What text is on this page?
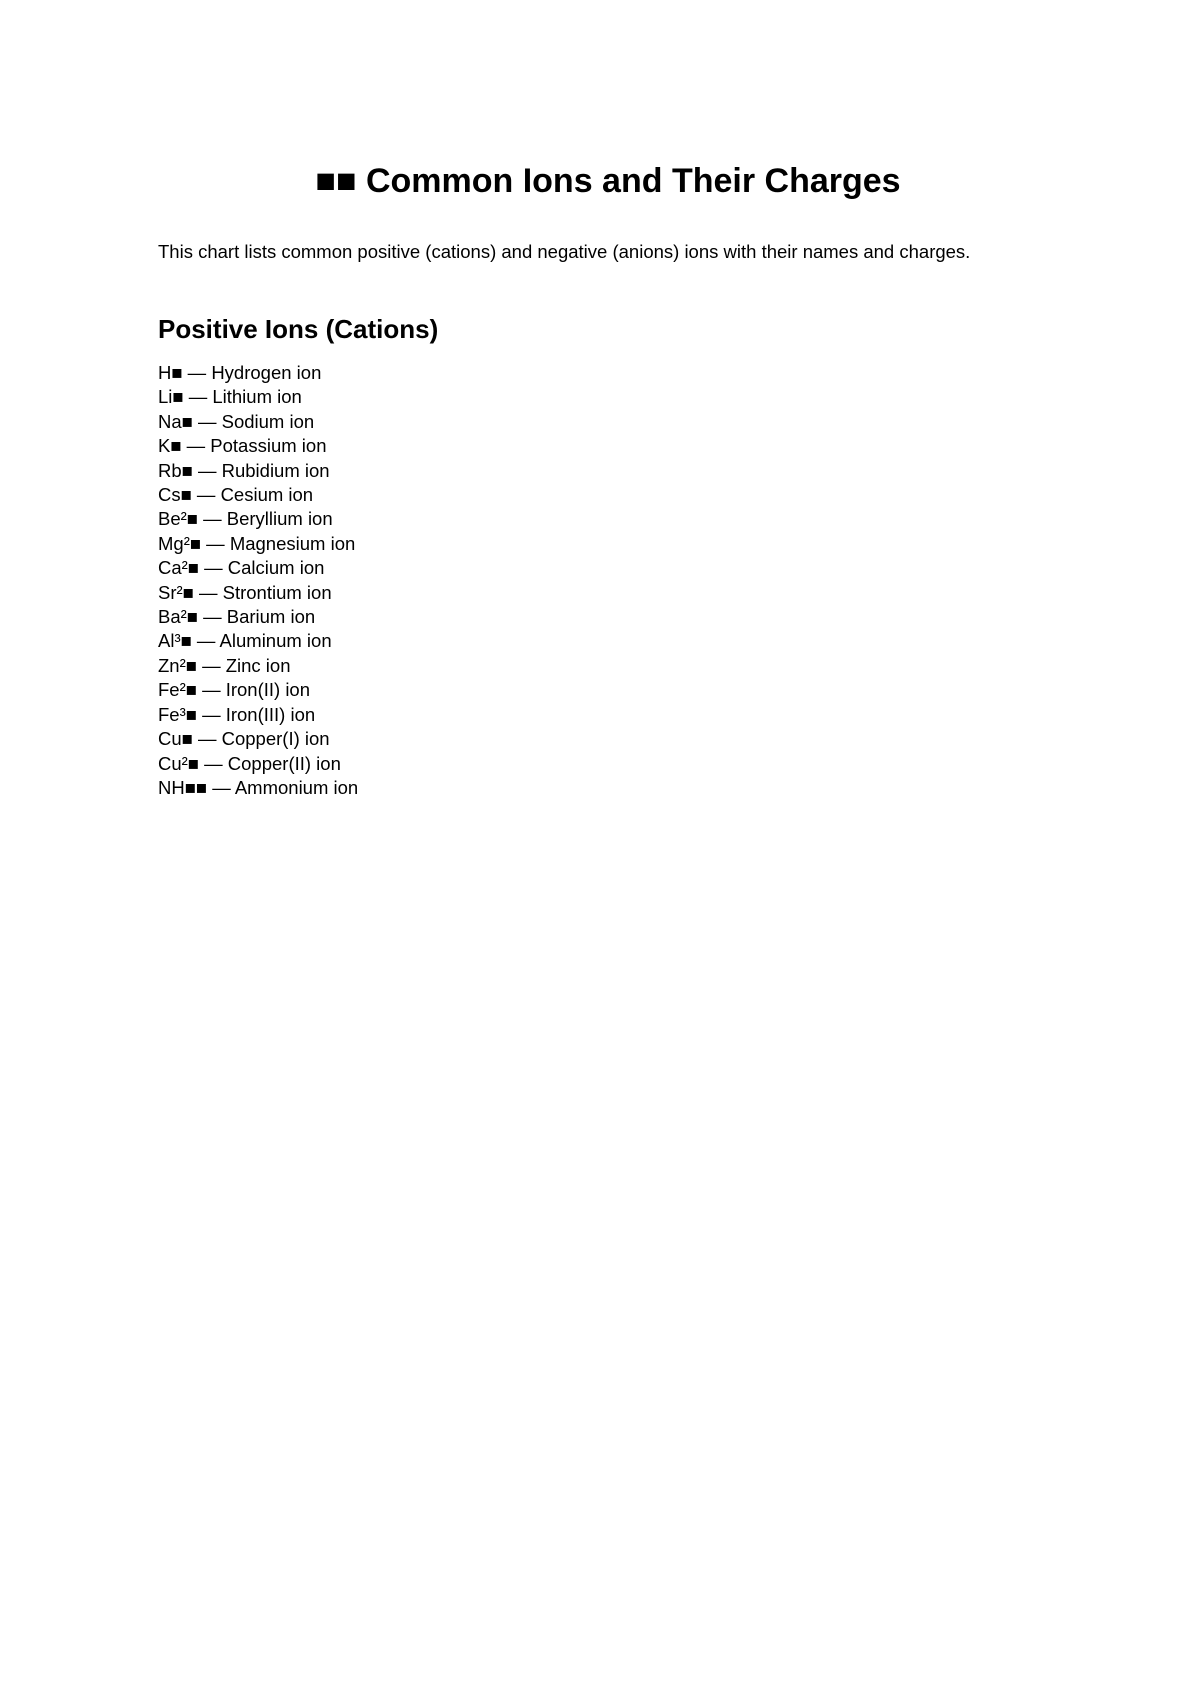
■■ Common Ions and Their Charges

This chart lists common positive (cations) and negative (anions) ions with their names and charges.

Positive Ions (Cations)
H■ — Hydrogen ion
Li■ — Lithium ion
Na■ — Sodium ion
K■ — Potassium ion
Rb■ — Rubidium ion
Cs■ — Cesium ion
Be²■ — Beryllium ion
Mg²■ — Magnesium ion
Ca²■ — Calcium ion
Sr²■ — Strontium ion
Ba²■ — Barium ion
Al³■ — Aluminum ion
Zn²■ — Zinc ion
Fe²■ — Iron(II) ion
Fe³■ — Iron(III) ion
Cu■ — Copper(I) ion
Cu²■ — Copper(II) ion
NH■■ — Ammonium ion
